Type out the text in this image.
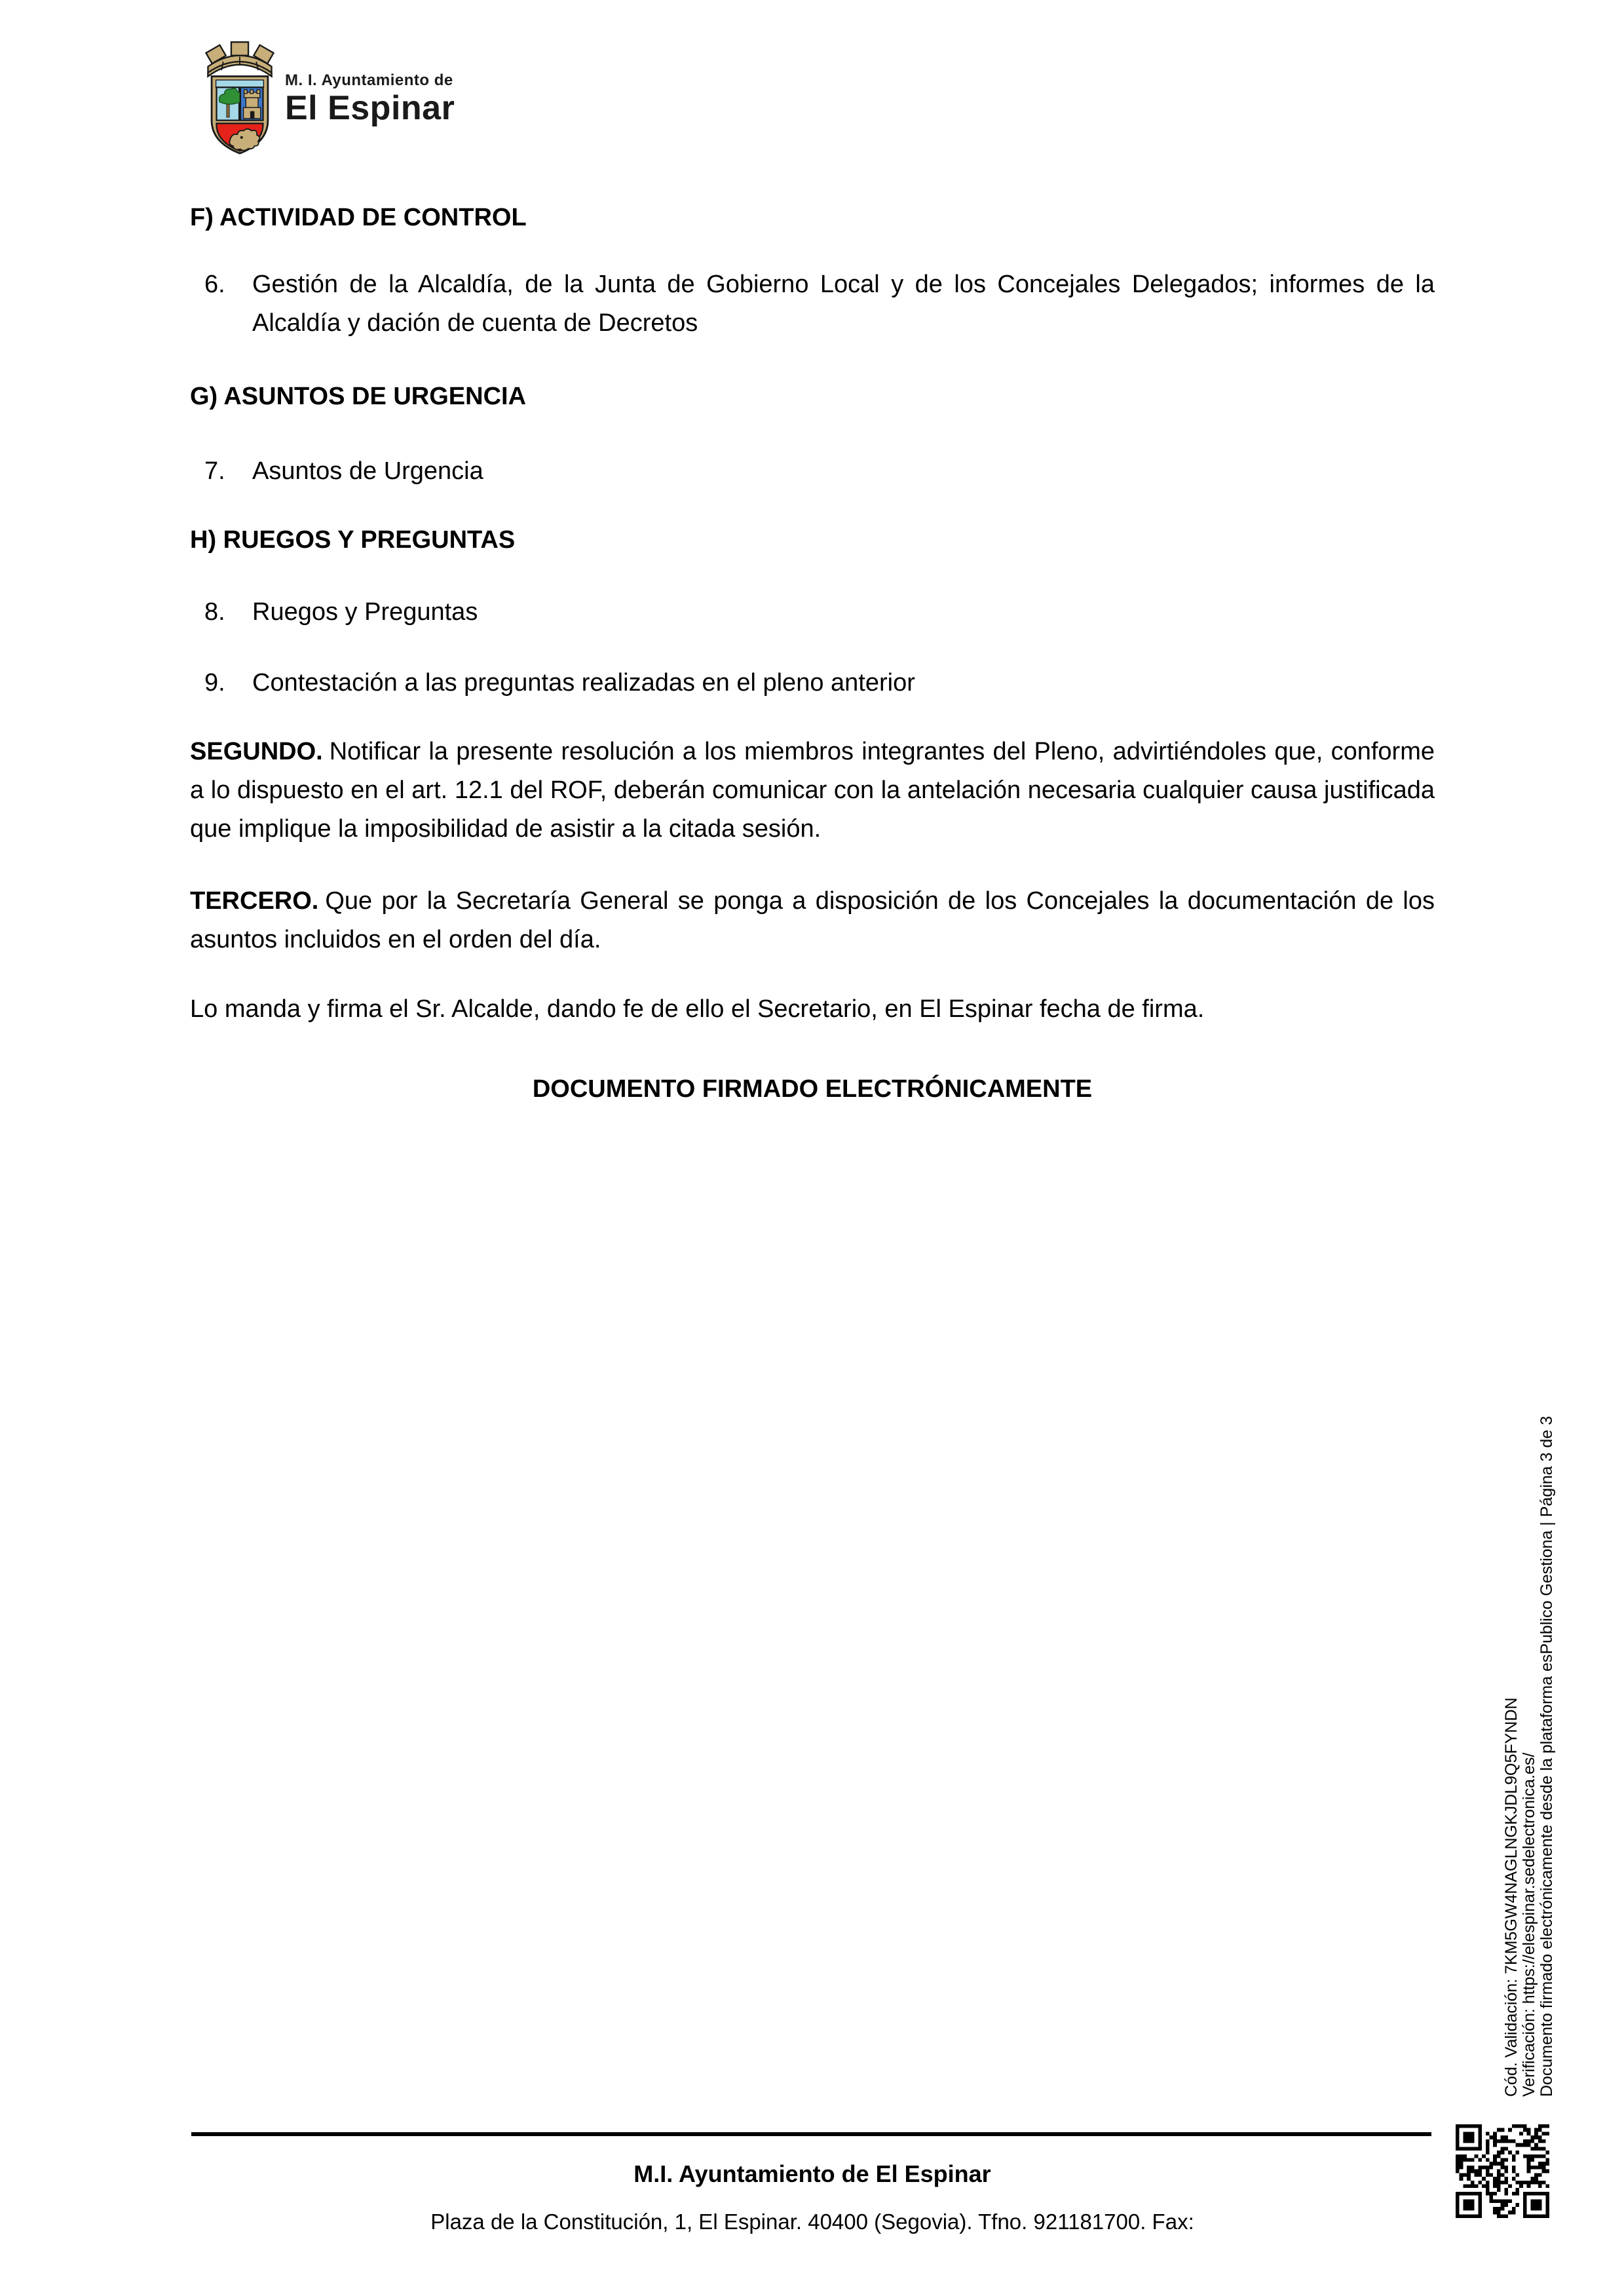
M. I. Ayuntamiento de
El Espinar
F) ACTIVIDAD DE CONTROL
6.	Gestión de la Alcaldía, de la Junta de Gobierno Local y de los Concejales Delegados; informes de la Alcaldía y dación de cuenta de Decretos
G) ASUNTOS DE URGENCIA
7.	Asuntos de Urgencia
H) RUEGOS Y PREGUNTAS
8.	Ruegos y Preguntas
9.	Contestación a las preguntas realizadas en el pleno anterior
SEGUNDO. Notificar la presente resolución a los miembros integrantes del Pleno, advirtiéndoles que, conforme a lo dispuesto en el art. 12.1 del ROF, deberán comunicar con la antelación necesaria cualquier causa justificada que implique la imposibilidad de asistir a la citada sesión.
TERCERO. Que por la Secretaría General se ponga a disposición de los Concejales la documentación de los asuntos incluidos en el orden del día.
Lo manda y firma el Sr. Alcalde, dando fe de ello el Secretario, en El Espinar fecha de firma.
DOCUMENTO FIRMADO ELECTRÓNICAMENTE
Cód. Validación: 7KM5GW4NAGLNGKJDL9Q5FYNDN Verificación: https://elespinar.sedelectronica.es/ Documento firmado electrónicamente desde la plataforma esPublico Gestiona | Página 3 de 3
M.I. Ayuntamiento de El Espinar
Plaza de la Constitución, 1, El Espinar. 40400 (Segovia). Tfno. 921181700. Fax:
